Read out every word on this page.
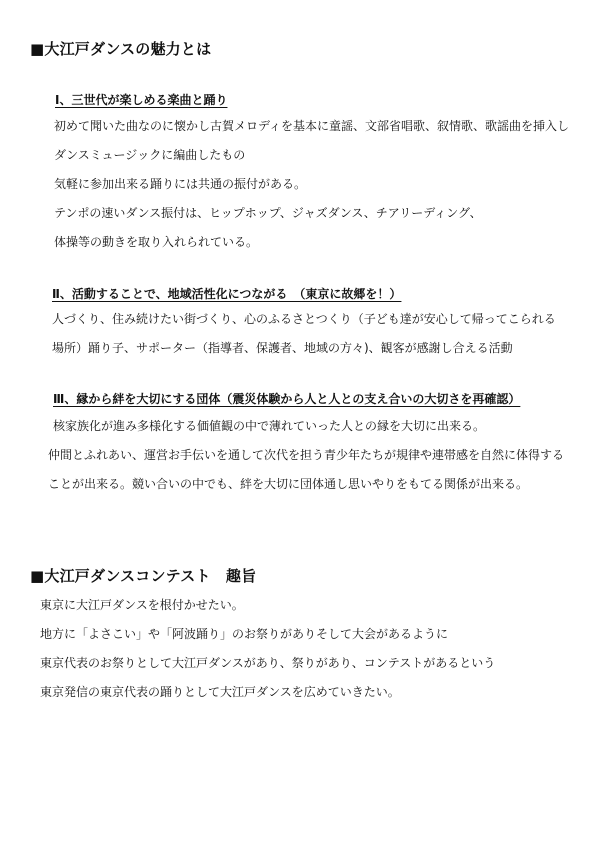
■大江戸ダンスの魅力とは
Ⅰ、三世代が楽しめる楽曲と踊り
初めて聞いた曲なのに懐かし古賀メロディを基本に童謡、文部省唱歌、叙情歌、歌謡曲を挿入し
ダンスミュージックに編曲したもの
気軽に参加出来る踊りには共通の振付がある。
テンポの速いダンス振付は、ヒップホップ、ジャズダンス、チアリーディング、
体操等の動きを取り入れられている。
Ⅱ、活動することで、地域活性化につながる　（東京に故郷を！）
人づくり、住み続けたい街づくり、心のふるさとつくり（子ども達が安心して帰ってこられる
場所）踊り子、サポーター（指導者、保護者、地域の方々)、観客が感謝し合える活動
Ⅲ、縁から絆を大切にする団体（震災体験から人と人との支え合いの大切さを再確認）
核家族化が進み多様化する価値観の中で薄れていった人との縁を大切に出来る。
仲間とふれあい、運営お手伝いを通して次代を担う青少年たちが規律や連帯感を自然に体得する
ことが出来る。競い合いの中でも、絆を大切に団体通し思いやりをもてる関係が出来る。
■大江戸ダンスコンテスト　趣旨
東京に大江戸ダンスを根付かせたい。
地方に「よさこい」や「阿波踊り」のお祭りがありそして大会があるように
東京代表のお祭りとして大江戸ダンスがあり、祭りがあり、コンテストがあるという
東京発信の東京代表の踊りとして大江戸ダンスを広めていきたい。
